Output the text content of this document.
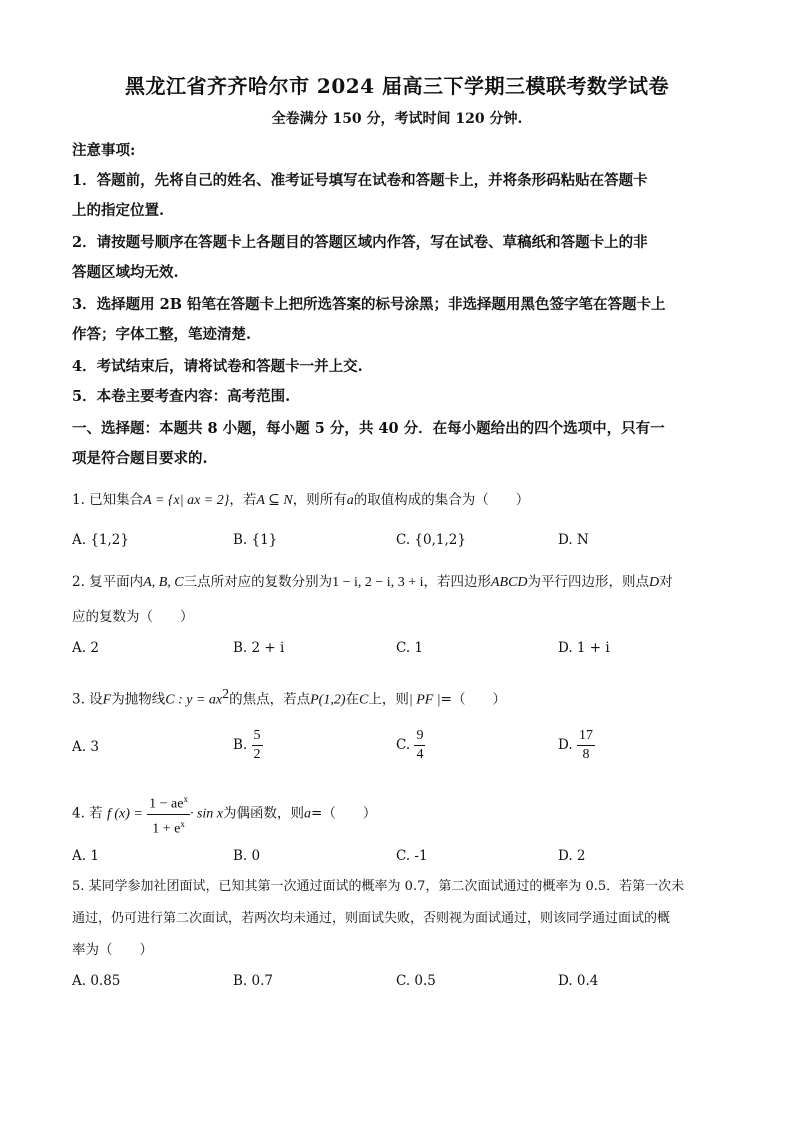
黑龙江省齐齐哈尔市 2024 届高三下学期三模联考数学试卷
全卷满分 150 分，考试时间 120 分钟.
注意事项:
1．答题前，先将自己的姓名、准考证号填写在试卷和答题卡上，并将条形码粘贴在答题卡
上的指定位置.
2．请按题号顺序在答题卡上各题目的答题区域内作答，写在试卷、草稿纸和答题卡上的非
答题区域均无效.
3．选择题用 2B 铅笔在答题卡上把所选答案的标号涂黑；非选择题用黑色签字笔在答题卡上
作答；字体工整，笔迹清楚.
4．考试结束后，请将试卷和答题卡一并上交.
5．本卷主要考查内容：高考范围.
一、选择题：本题共 8 小题，每小题 5 分，共 40 分．在每小题给出的四个选项中，只有一
项是符合题目要求的.
1. 已知集合A = {x| ax = 2}，若A ⊆ N，则所有a的取值构成的集合为（　　）
A. {1,2}	B. {1}	C. {0,1,2}	D. N
2. 复平面内A, B, C三点所对应的复数分别为1 − i, 2 − i, 3 + i，若四边形ABCD为平行四边形，则点D对
应的复数为（　　）
A. 2	B. 2 + i	C. 1	D. 1 + i
3. 设F为抛物线C : $y = ax^2$的焦点，若点P(1,2)在C上，则| PF |=（　　）
A. 3	B. $\frac{5}{2}$	C. $\frac{9}{4}$	D. $\frac{17}{8}$
4. 若 f $(x) = \frac{1 - ae^x}{1 + e^x} \cdot \sin x$为偶函数，则a=（　　）
A. 1	B. 0	C. -1	D. 2
5. 某同学参加社团面试，已知其第一次通过面试的概率为 0.7，第二次面试通过的概率为 0.5．若第一次未
通过，仍可进行第二次面试，若两次均未通过，则面试失败，否则视为面试通过，则该同学通过面试的概
率为（　　）
A. 0.85	B. 0.7	C. 0.5	D. 0.4
